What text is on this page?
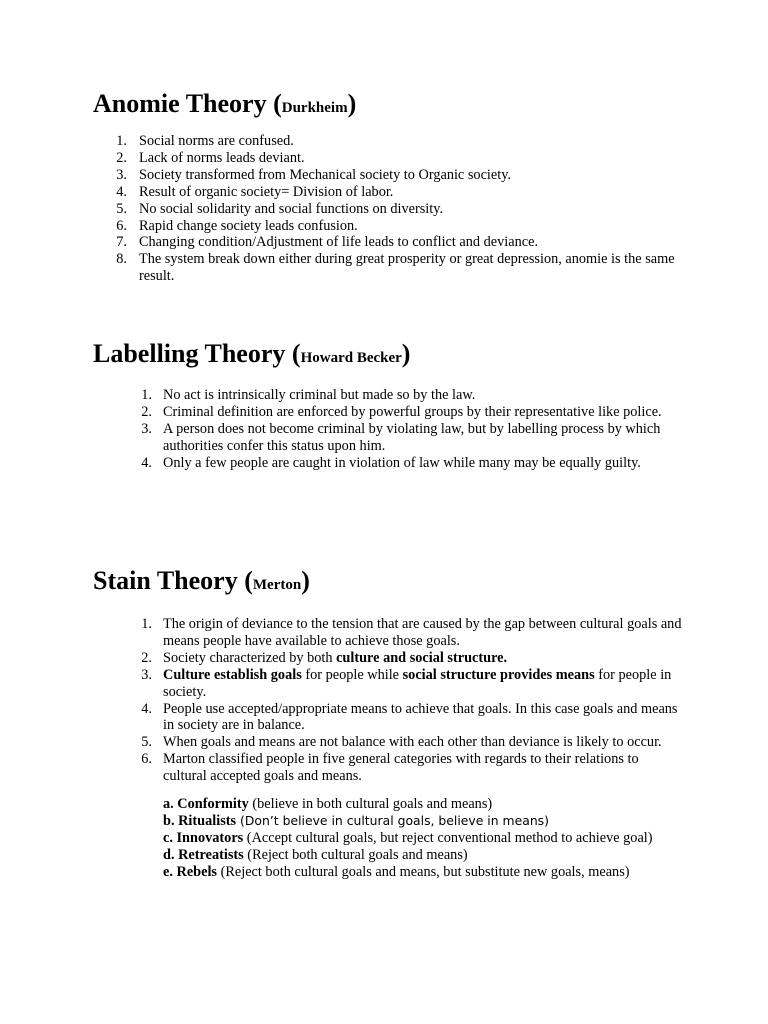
Anomie Theory (Durkheim)
1. Social norms are confused.
2. Lack of norms leads deviant.
3. Society transformed from Mechanical society to Organic society.
4. Result of organic society= Division of labor.
5. No social solidarity and social functions on diversity.
6. Rapid change society leads confusion.
7. Changing condition/Adjustment of life leads to conflict and deviance.
8. The system break down either during great prosperity or great depression, anomie is the same result.
Labelling Theory (Howard Becker)
1. No act is intrinsically criminal but made so by the law.
2. Criminal definition are enforced by powerful groups by their representative like police.
3. A person does not become criminal by violating law, but by labelling process by which authorities confer this status upon him.
4. Only a few people are caught in violation of law while many may be equally guilty.
Stain Theory (Merton)
1. The origin of deviance to the tension that are caused by the gap between cultural goals and means people have available to achieve those goals.
2. Society characterized by both culture and social structure.
3. Culture establish goals for people while social structure provides means for people in society.
4. People use accepted/appropriate means to achieve that goals. In this case goals and means in society are in balance.
5. When goals and means are not balance with each other than deviance is likely to occur.
6. Marton classified people in five general categories with regards to their relations to cultural accepted goals and means.
a. Conformity (believe in both cultural goals and means)
b. Ritualists (Don’t believe in cultural goals, believe in means)
c. Innovators (Accept cultural goals, but reject conventional method to achieve goal)
d. Retreatists (Reject both cultural goals and means)
e. Rebels (Reject both cultural goals and means, but substitute new goals, means)
